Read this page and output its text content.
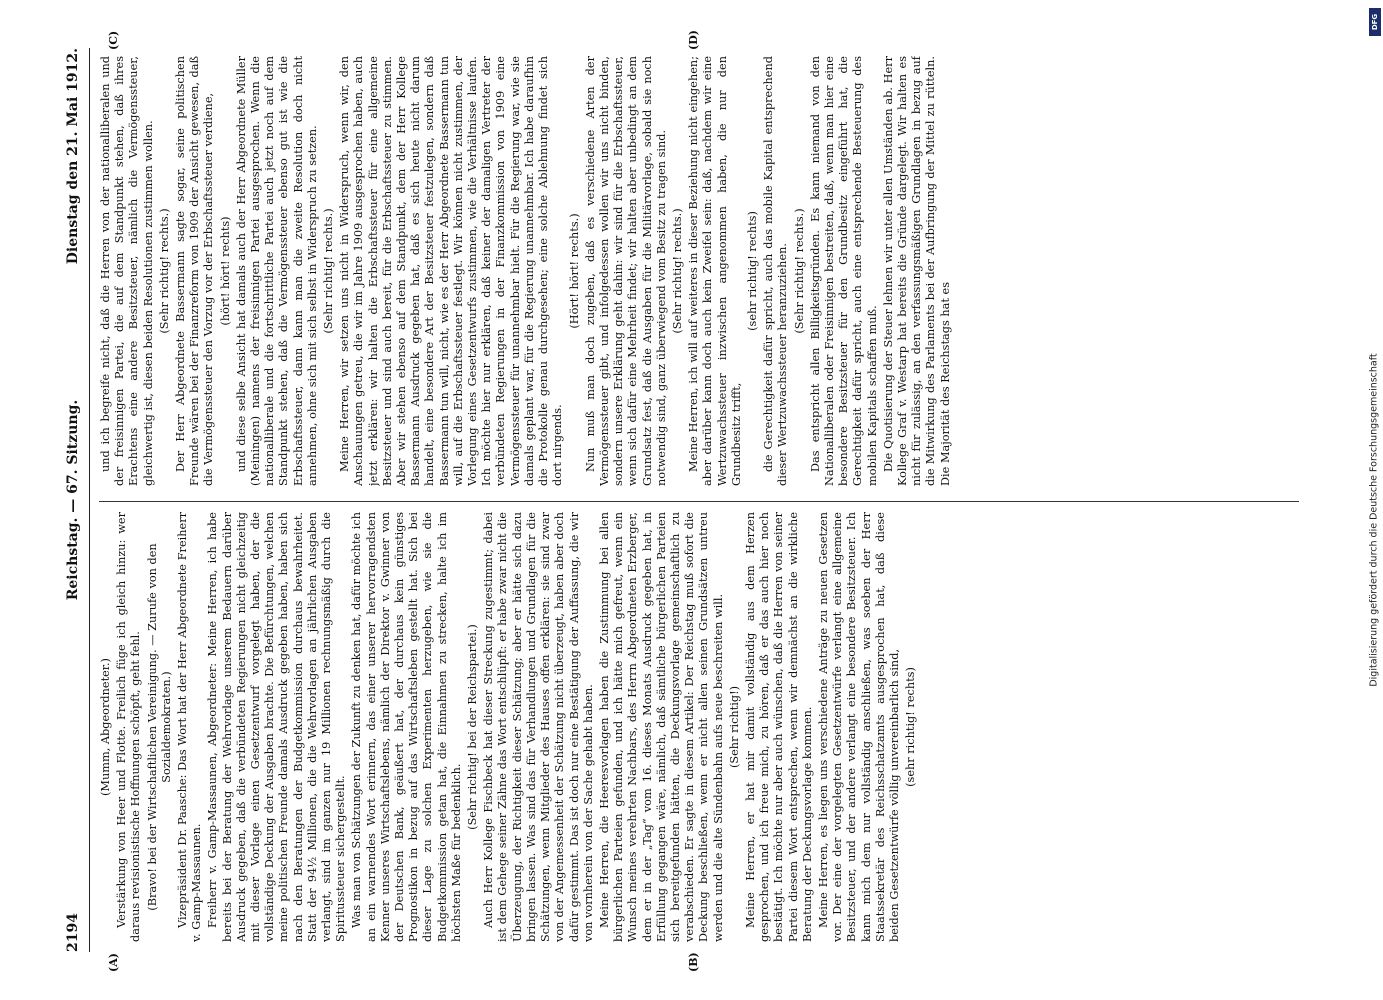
2194
Reichstag. — 67. Sitzung.
Dienstag den 21. Mai 1912.
(A)	(B)
(C)	(D)

(Mumm, Abgeordneter.) Verstärkung von Heer und Flotte. Freilich füge ich gleich hinzu: wer daraus revisionistische Hoffnungen schöpft, geht fehl. (Bravo! bei der Wirtschaftlichen Vereinigung. — Zurufe von den Sozialdemokraten.) Vizepräsident Dr. Paasche: Das Wort hat der Herr Abgeordnete Freiherr v. Gamp-Massaunen. Freiherr v. Gamp-Massaunen, Abgeordneter: Meine Herren, ich habe bereits bei der Beratung der Wehrvorlage unserem Bedauern darüber Ausdruck gegeben, daß die verbündeten Regierungen nicht gleichzeitig mit dieser Vorlage einen Gesetzentwurf vorgelegt haben, der die vollständige Deckung der Ausgaben brachte. Die Befürchtungen, welchen meine politischen Freunde damals Ausdruck gegeben haben, haben sich nach den Beratungen der Budgetkommission durchaus bewahrheitet. Statt der 94½ Millionen, die die Wehrvorlagen an jährlichen Ausgaben verlangt, sind im ganzen nur 19 Millionen rechnungsmäßig durch die Spiritussteuer sichergestellt. Was man von Schätzungen der Zukunft zu denken hat, dafür möchte ich an ein warnendes Wort erinnern, das einer unserer hervorragendsten Kenner unseres Wirtschaftslebens, nämlich der Direktor v. Gwinner von der Deutschen Bank, geäußert hat, der durchaus kein günstiges Prognostikon in bezug auf das Wirtschaftsleben gestellt hat. Sich bei dieser Lage zu solchen Experimenten herzugeben, wie sie die Budgetkommission getan hat, die Einnahmen zu strecken, halte ich im höchsten Maße für bedenklich.

(Sehr richtig! bei der Reichspartei.) Auch Herr Kollege Fischbeck hat dieser Streckung zugestimmt; dabei ist dem Gehege seiner Zähne das Wort entschlüpft: er habe zwar nicht die Überzeugung, der Richtigkeit dieser Schätzung; aber er hätte sich dazu bringen lassen. Was sind das für Verhandlungen und Grundlagen für die Schätzungen, wenn Mitglieder des Hauses offen erklären: sie sind zwar von der Angemessenheit der Schätzung nicht überzeugt, haben aber doch dafür gestimmt. Das ist doch nur eine Bestätigung der Auffassung, die wir von vornherein von der Sache gehabt haben. Meine Herren, die Heeresvorlagen haben die Zustimmung bei allen bürgerlichen Parteien gefunden, und ich hätte mich gefreut, wenn ein Wunsch meines verehrten Nachbars, des Herrn Abgeordneten Erzberger, dem er in der „Tag“ vom 16. dieses Monats Ausdruck gegeben hat, in Erfüllung gegangen wäre, nämlich, daß sämtliche bürgerlichen Parteien sich bereitgefunden hätten, die Deckungsvorlage gemeinschaftlich zu verabschieden. Er sagte in diesem Artikel: Der Reichstag muß sofort die Deckung beschließen, wenn er nicht allen seinen Grundsätzen untreu werden und die alte Sündenbahn aufs neue beschreiten will. (Sehr richtig!) Meine Herren, er hat mir damit vollständig aus dem Herzen gesprochen, und ich freue mich, zu hören, daß er das auch hier noch bestätigt. Ich möchte nur aber auch wünschen, daß die Herren von seiner Partei diesem Wort entsprechen, wenn wir demnächst an die wirkliche Beratung der Deckungsvorlage kommen. Meine Herren, es liegen uns verschiedene Anträge zu neuen Gesetzen vor. Der eine der vorgelegten Gesetzentwürfe verlangt eine allgemeine Besitzsteuer, und der andere verlangt eine besondere Besitzsteuer. Ich kann mich dem nur vollständig anschließen, was soeben der Herr Staatssekretär des Reichsschatzamts ausgesprochen hat, daß diese beiden Gesetzentwürfe völlig unvereinbarlich sind, (sehr richtig! rechts)

und ich begreife nicht, daß die Herren von der nationalliberalen und der freisinnigen Partei, die auf dem Standpunkt stehen, daß ihres Erachtens eine andere Besitzsteuer, nämlich die Vermögenssteuer, gleichwertig ist, diesen beiden Resolutionen zustimmen wollen. (Sehr richtig! rechts.) Der Herr Abgeordnete Bassermann sagte sogar, seine politischen Freunde wären bei der Finanzreform von 1909 der Ansicht gewesen, daß die Vermögenssteuer den Vorzug vor der Erbschaftssteuer verdiene, (hört! hört! rechts) und diese selbe Ansicht hat damals auch der Herr Abgeordnete Müller (Meiningen) namens der freisinnigen Partei ausgesprochen. Wenn die nationalliberale und die fortschrittliche Partei auch jetzt noch auf dem Standpunkt stehen, daß die Vermögenssteuer ebenso gut ist wie die Erbschaftssteuer, dann kann man die zweite Resolution doch nicht annehmen, ohne sich mit sich selbst in Widerspruch zu setzen. (Sehr richtig! rechts.) Meine Herren, wir setzen uns nicht in Widerspruch, wenn wir, den Anschauungen getreu, die wir im Jahre 1909 ausgesprochen haben, auch jetzt erklären: wir halten die Erbschaftssteuer für eine allgemeine Besitzsteuer und sind auch bereit, für die Erbschaftssteuer zu stimmen. Aber wir stehen ebenso auf dem Standpunkt, dem der Herr Kollege Bassermann Ausdruck gegeben hat, daß es sich heute nicht darum handelt, eine besondere Art der Besitzsteuer festzulegen, sondern daß Bassermann tun will, nicht, wie es der Herr Abgeordnete Bassermann tun will, auf die Erbschaftssteuer festlegt. Wir können nicht zustimmen, der Vorlegung eines Gesetzentwurfs zustimmen, wie die Verhältnisse laufen. Ich möchte hier nur erklären, daß keiner der damaligen Vertreter der verbündeten Regierungen in der Finanzkommission von 1909 eine Vermögenssteuer für unannehmbar hielt. Für die Regierung war, wie sie damals geplant war, für die Regierung unannehmbar. Ich habe daraufhin die Protokolle genau durchgesehen; eine solche Ablehnung findet sich dort nirgends.

(Hört! hört! rechts.) Nun muß man doch zugeben, daß es verschiedene Arten der Vermögenssteuer gibt, und infolgedessen wollen wir uns nicht binden, sondern unsere Erklärung geht dahin: wir sind für die Erbschaftssteuer, wenn sich dafür eine Mehrheit findet; wir halten aber unbedingt an dem Grundsatz fest, daß die Ausgaben für die Militärvorlage, sobald sie noch notwendig sind, ganz überwiegend vom Besitz zu tragen sind. (Sehr richtig! rechts.) Meine Herren, ich will auf weiteres in dieser Beziehung nicht eingehen; aber darüber kann doch auch kein Zweifel sein: daß, nachdem wir eine Wertzuwachssteuer inzwischen angenommen haben, die nur den Grundbesitz trifft,

(sehr richtig! rechts) die Gerechtigkeit dafür spricht, auch das mobile Kapital entsprechend dieser Wertzuwachssteuer heranzuziehen. (Sehr richtig! rechts.) Das entspricht allen Billigkeitsgründen. Es kann niemand von den Nationalliberalen oder Freisinnigen bestreiten, daß, wenn man hier eine besondere Besitzsteuer für den Grundbesitz eingeführt hat, die Gerechtigkeit dafür spricht, auch eine entsprechende Besteuerung des mobilen Kapitals schaffen muß. Die Quotisierung der Steuer lehnen wir unter allen Umständen ab. Herr Kollege Graf v. Westarp hat bereits die Gründe dargelegt. Wir halten es nicht für zulässig, an den verfassungsmäßigen Grundlagen in bezug auf die Mitwirkung des Parlaments bei der Aufbringung der Mittel zu rütteln. Die Majorität des Reichstags hat es

DFG
Digitalisierung gefördert durch die Deutsche Forschungsgemeinschaft
